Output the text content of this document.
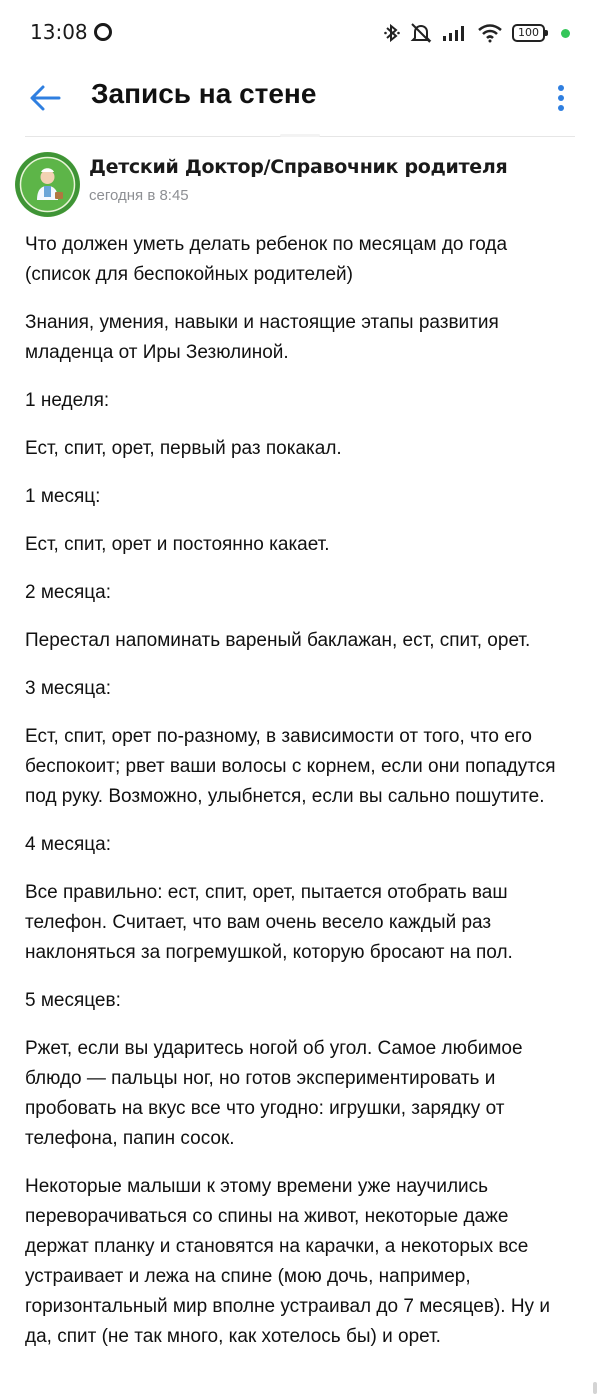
13:08	100
Запись на стене
Детский Доктор/Справочник родителя
сегодня в 8:45

Что должен уметь делать ребенок по месяцам до года (список для беспокойных родителей)

Знания, умения, навыки и настоящие этапы развития младенца от Иры Зезюлиной.

1 неделя:

Ест, спит, орет, первый раз покакал.

1 месяц:

Ест, спит, орет и постоянно какает.

2 месяца:

Перестал напоминать вареный баклажан, ест, спит, орет.

3 месяца:

Ест, спит, орет по-разному, в зависимости от того, что его беспокоит; рвет ваши волосы с корнем, если они попадутся под руку. Возможно, улыбнется, если вы сально пошутите.

4 месяца:

Все правильно: ест, спит, орет, пытается отобрать ваш телефон. Считает, что вам очень весело каждый раз наклоняться за погремушкой, которую бросают на пол.

5 месяцев:

Ржет, если вы ударитесь ногой об угол. Самое любимое блюдо — пальцы ног, но готов экспериментировать и пробовать на вкус все что угодно: игрушки, зарядку от телефона, папин сосок.

Некоторые малыши к этому времени уже научились переворачиваться со спины на живот, некоторые даже держат планку и становятся на карачки, а некоторых все устраивает и лежа на спине (мою дочь, например, горизонтальный мир вполне устраивал до 7 месяцев). Ну и да, спит (не так много, как хотелось бы) и орет.
